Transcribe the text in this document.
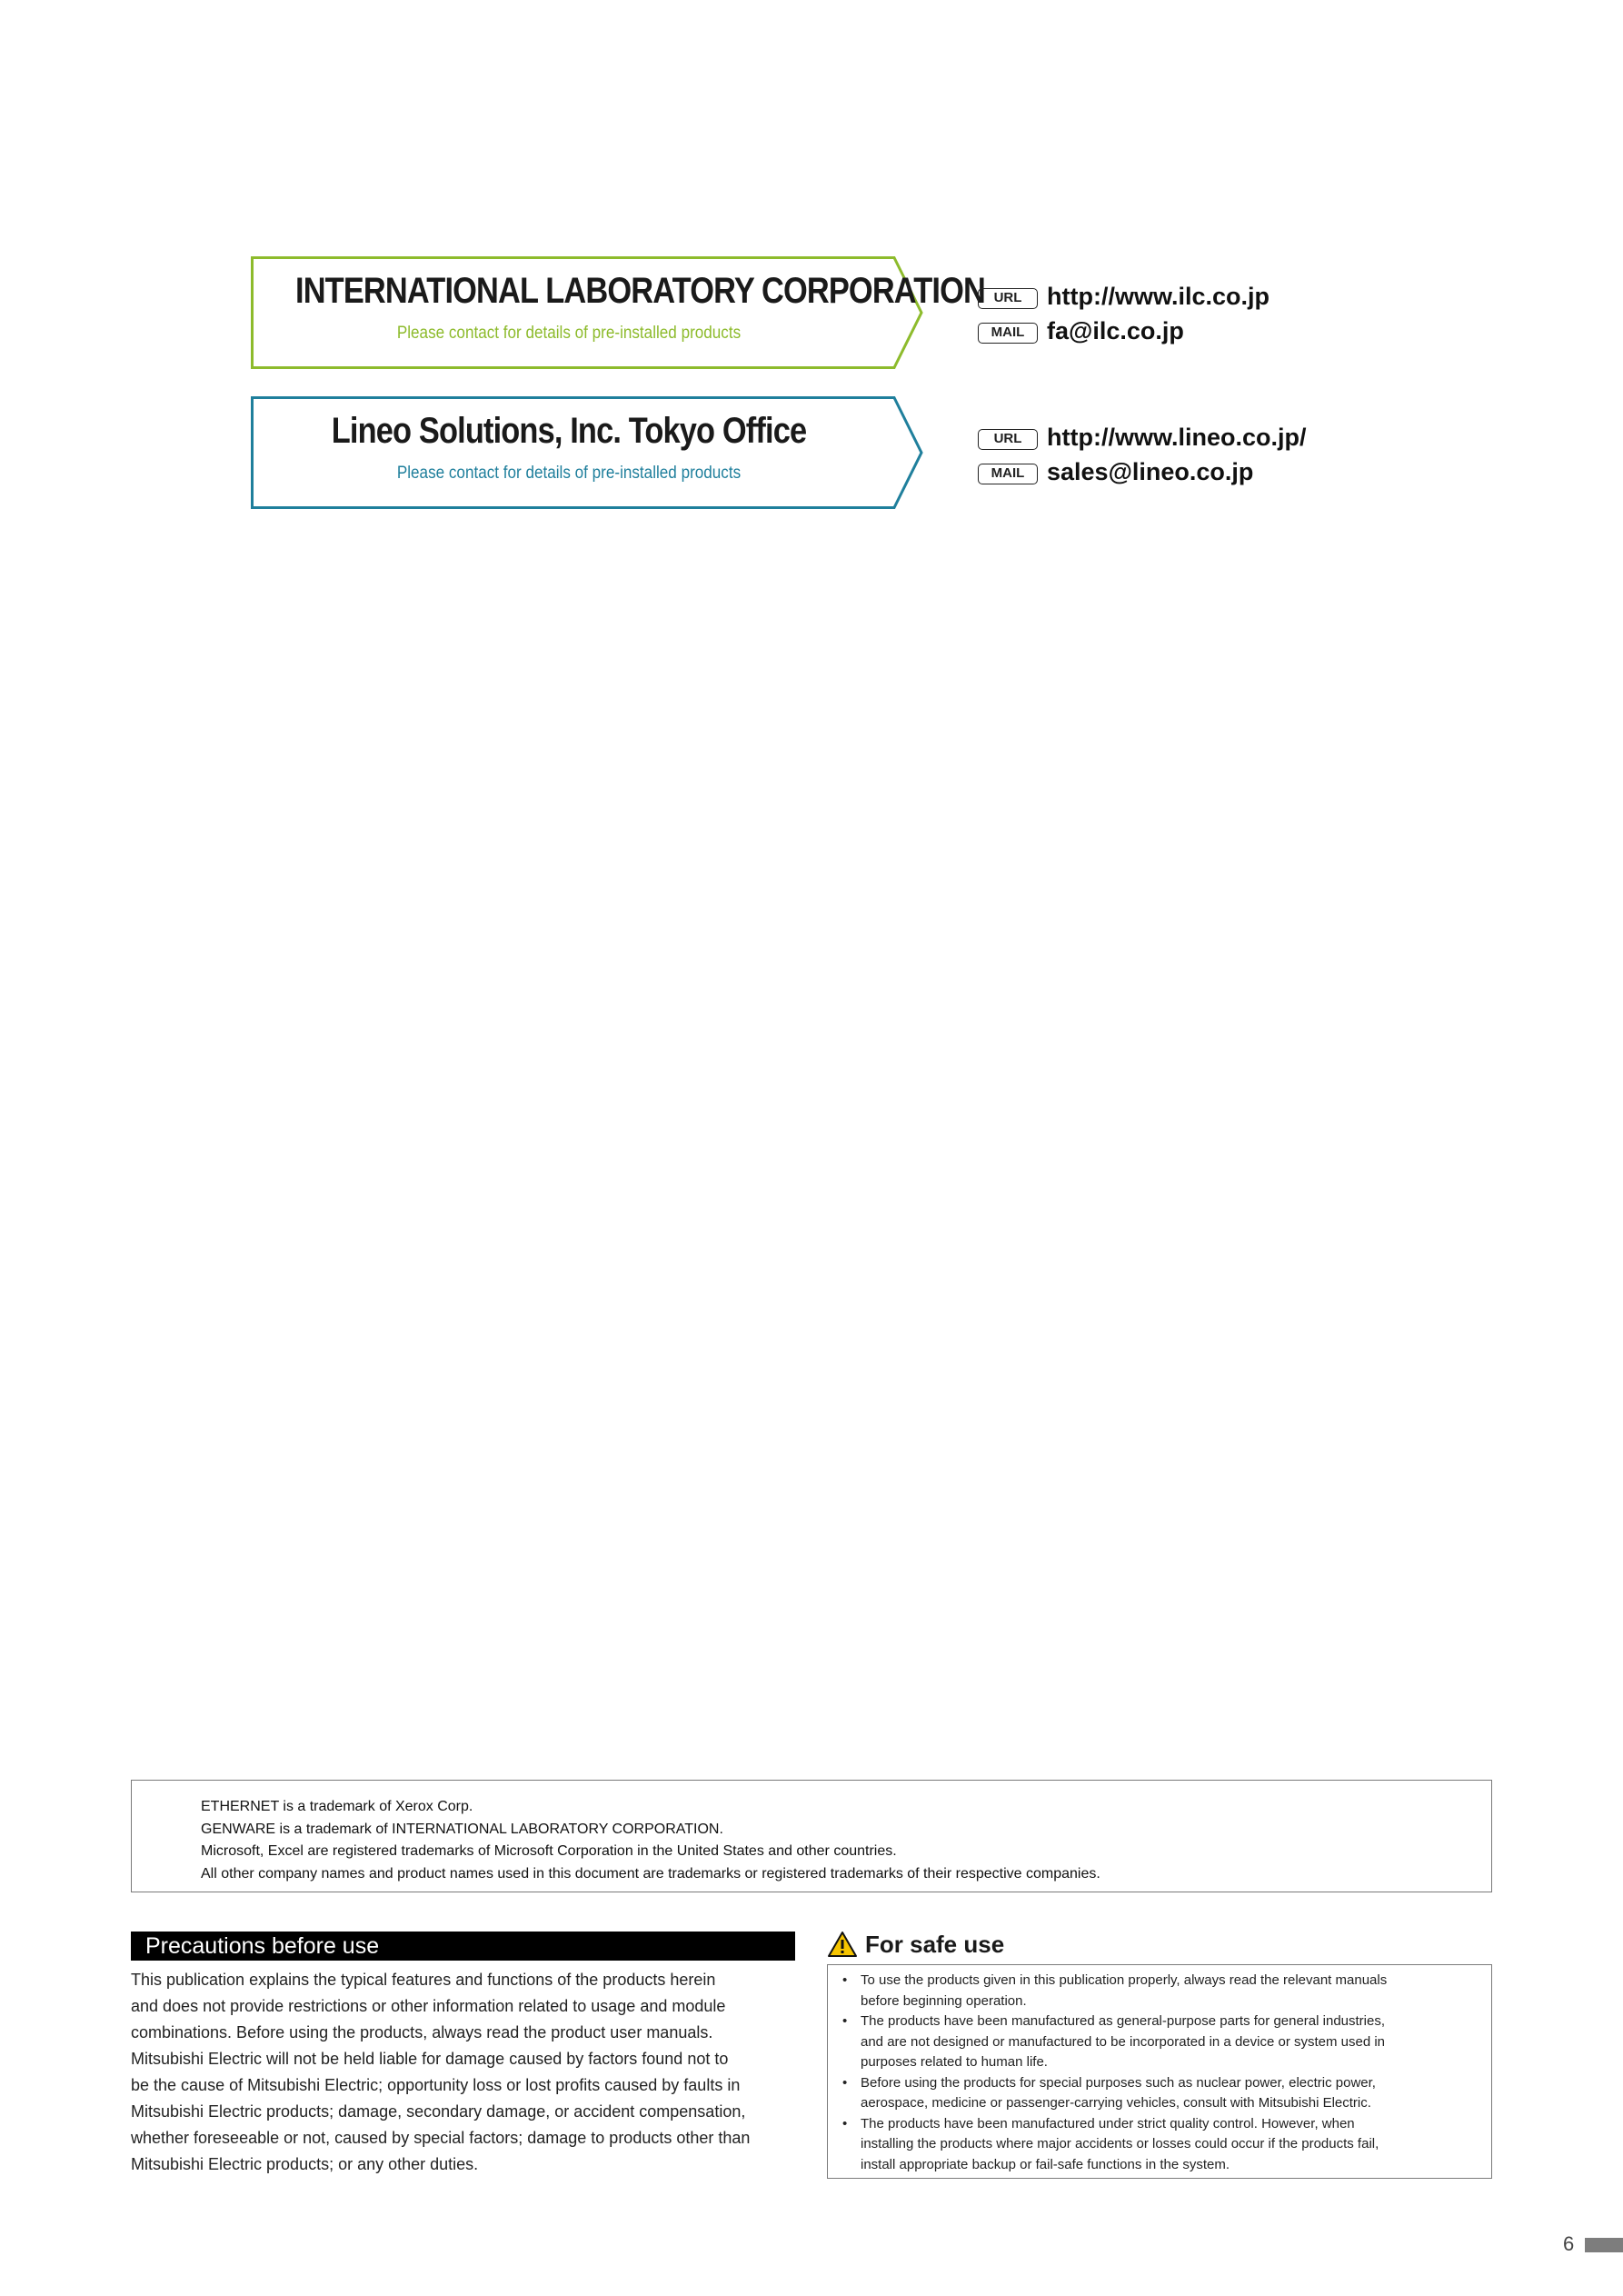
INTERNATIONAL LABORATORY CORPORATION
Please contact for details of pre-installed products
URL	http://www.ilc.co.jp
MAIL fa@ilc.co.jp
Lineo Solutions, Inc. Tokyo Office
Please contact for details of pre-installed products
URL	http://www.lineo.co.jp/
MAIL sales@lineo.co.jp
ETHERNET is a trademark of Xerox Corp.
GENWARE is a trademark of INTERNATIONAL LABORATORY CORPORATION.
Microsoft, Excel are registered trademarks of Microsoft Corporation in the United States and other countries.
All other company names and product names used in this document are trademarks or registered trademarks of their respective companies.
Precautions before use
This publication explains the typical features and functions of the products herein
and does not provide restrictions or other information related to usage and module
combinations. Before using the products, always read the product user manuals.
Mitsubishi Electric will not be held liable for damage caused by factors found not to
be the cause of Mitsubishi Electric; opportunity loss or lost profits caused by faults in
Mitsubishi Electric products; damage, secondary damage, or accident compensation,
whether foreseeable or not, caused by special factors; damage to products other than
Mitsubishi Electric products; or any other duties.
For safe use
• To use the products given in this publication properly, always read the relevant manuals
before beginning operation.
• The products have been manufactured as general-purpose parts for general industries,
and are not designed or manufactured to be incorporated in a device or system used in
purposes related to human life.
• Before using the products for special purposes such as nuclear power, electric power,
aerospace, medicine or passenger-carrying vehicles, consult with Mitsubishi Electric.
• The products have been manufactured under strict quality control. However, when
installing the products where major accidents or losses could occur if the products fail,
install appropriate backup or fail-safe functions in the system.
6
